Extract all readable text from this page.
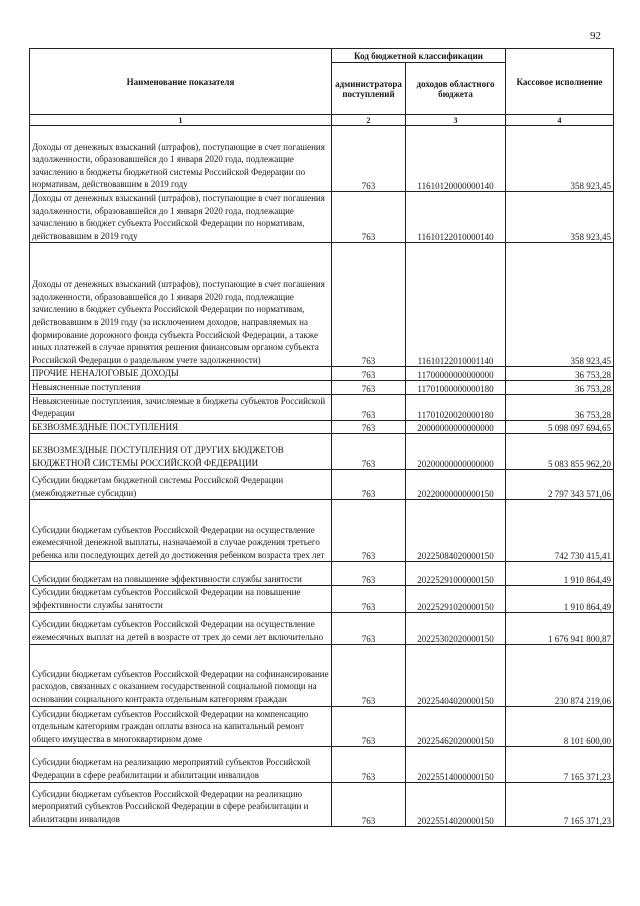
92
Наименование показателя	Код бюджетной классификации		Кассовое исполнение
	администратора поступлений	доходов областного бюджета	
1	2	3	4
Доходы от денежных взысканий (штрафов), поступающие в счет погашения задолженности, образовавшейся до 1 января 2020 года, подлежащие зачислению в бюджеты бюджетной системы Российской Федерации по нормативам, действовавшим в 2019 году	763	11610120000000140	358 923,45
Доходы от денежных взысканий (штрафов), поступающие в счет погашения задолженности, образовавшейся до 1 января 2020 года, подлежащие зачислению в бюджет субъекта Российской Федерации по нормативам, действовавшим в 2019 году	763	11610122010000140	358 923,45
Доходы от денежных взысканий (штрафов), поступающие в счет погашения задолженности, образовавшейся до 1 января 2020 года, подлежащие зачислению в бюджет субъекта Российской Федерации по нормативам, действовавшим в 2019 году (за исключением доходов, направляемых на формирование дорожного фонда субъекта Российской Федерации, а также иных платежей в случае принятия решения финансовым органом субъекта Российской Федерации о раздельном учете задолженности)	763	11610122010001140	358 923,45
ПРОЧИЕ НЕНАЛОГОВЫЕ ДОХОДЫ	763	11700000000000000	36 753,28
Невыясненные поступления	763	11701000000000180	36 753,28
Невыясненные поступления, зачисляемые в бюджеты субъектов Российской Федерации	763	11701020020000180	36 753,28
БЕЗВОЗМЕЗДНЫЕ ПОСТУПЛЕНИЯ	763	20000000000000000	5 098 097 694,65
БЕЗВОЗМЕЗДНЫЕ ПОСТУПЛЕНИЯ ОТ ДРУГИХ БЮДЖЕТОВ БЮДЖЕТНОЙ СИСТЕМЫ РОССИЙСКОЙ ФЕДЕРАЦИИ	763	20200000000000000	5 083 855 962,20
Субсидии бюджетам бюджетной системы Российской Федерации (межбюджетные субсидии)	763	20220000000000150	2 797 343 571,06
Субсидии бюджетам субъектов Российской Федерации на осуществление ежемесячной денежной выплаты, назначаемой в случае рождения третьего ребенка или последующих детей до достижения ребенком возраста трех лет	763	20225084020000150	742 730 415,41
Субсидии бюджетам на повышение эффективности службы занятости	763	20225291000000150	1 910 864,49
Субсидии бюджетам субъектов Российской Федерации на повышение эффективности службы занятости	763	20225291020000150	1 910 864,49
Субсидии бюджетам субъектов Российской Федерации на осуществление ежемесячных выплат на детей в возрасте от трех до семи лет включительно	763	20225302020000150	1 676 941 800,87
Субсидии бюджетам субъектов Российской Федерации на софинансирование расходов, связанных с оказанием государственной социальной помощи на основании социального контракта отдельным категориям граждан	763	20225404020000150	230 874 219,06
Субсидии бюджетам субъектов Российской Федерации на компенсацию отдельным категориям граждан оплаты взноса на капитальный ремонт общего имущества в многоквартирном доме	763	20225462020000150	8 101 600,00
Субсидии бюджетам на реализацию мероприятий субъектов Российской Федерации в сфере реабилитации и абилитации инвалидов	763	20225514000000150	7 165 371,23
Субсидии бюджетам субъектов Российской Федерации на реализацию мероприятий субъектов Российской Федерации в сфере реабилитации и абилитации инвалидов	763	20225514020000150	7 165 371,23
